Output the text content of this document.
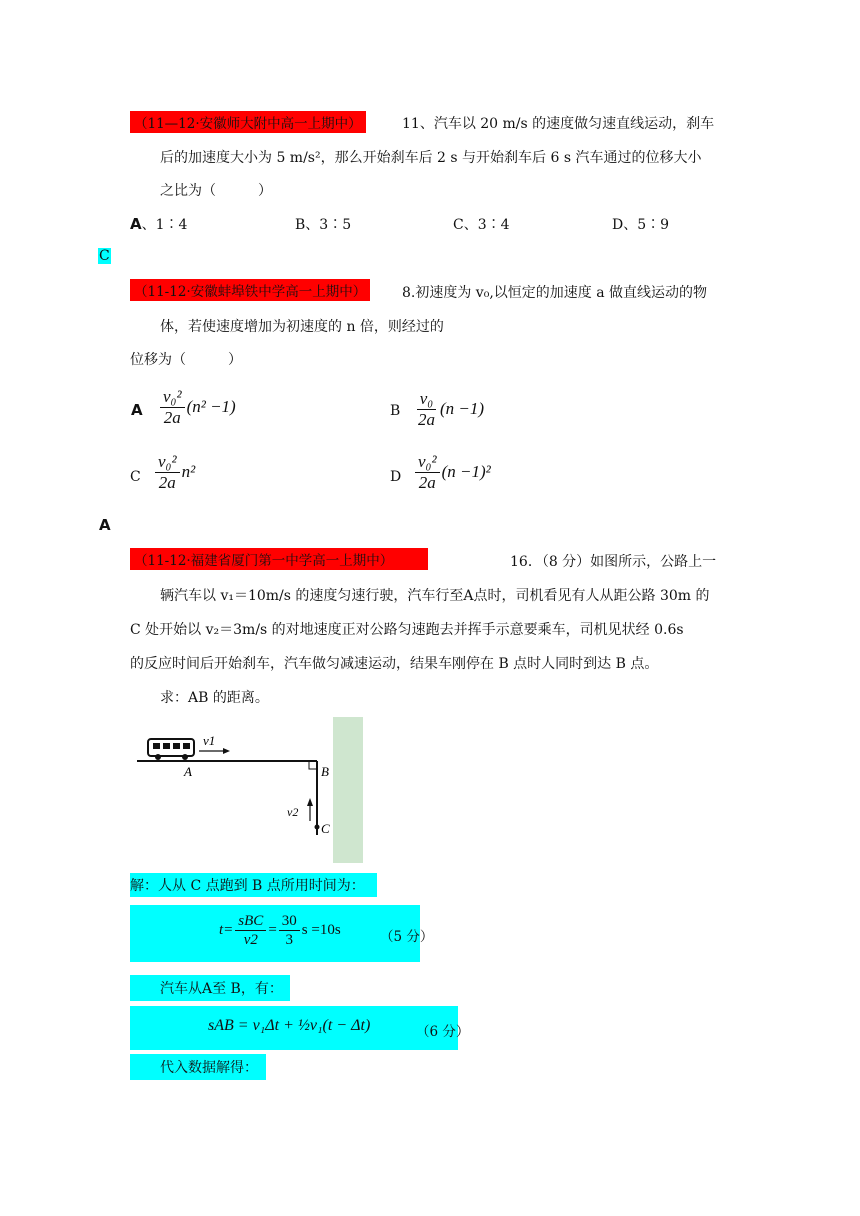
（11—12·安徽师大附中高一上期中）	11、汽车以 20 m/s 的速度做匀速直线运动，刹车
后的加速度大小为 5 m/s²，那么开始刹车后 2 s 与开始刹车后 6 s 汽车通过的位移大小
之比为（　　　）
A、1∶4	B、3∶5	C、3∶4	D、5∶9
C
（11-12·安徽蚌埠铁中学高一上期中）	8.初速度为 v₀,以恒定的加速度 a 做直线运动的物
体，若使速度增加为初速度的 n 倍，则经过的
位移为（　　　）
A $\frac{\text{v₀²}}{2a} (n^2 -1)$	B $\frac{\text{v₀}}{2a} (n -1)$
C $\frac{\text{v₀²}}{2a} n^2$	D $\frac{\text{v₀²}}{2a} (n -1)^2$
A
（11-12·福建省厦门第一中学高一上期中）	16．（8 分）如图所示，公路上一
辆汽车以 v₁＝10m/s 的速度匀速行驶，汽车行至A点时，司机看见有人从距公路 30m 的
C 处开始以 v₂＝3m/s 的对地速度正对公路匀速跑去并挥手示意要乘车，司机见状经 0.6s
的反应时间后开始刹车，汽车做匀减速运动，结果车刚停在 B 点时人同时到达 B 点。
求：AB 的距离。
v1
A	B
v2
C
解：人从 C 点跑到 B 点所用时间为：
$t= \frac{\text{sBC}}{v2} = \frac{30}{3}$ s =10s	（5 分）
汽车从A至 B，有：
sAB = v₁Δt + ½v₁(t − Δt)	（6 分）
代入数据解得：
